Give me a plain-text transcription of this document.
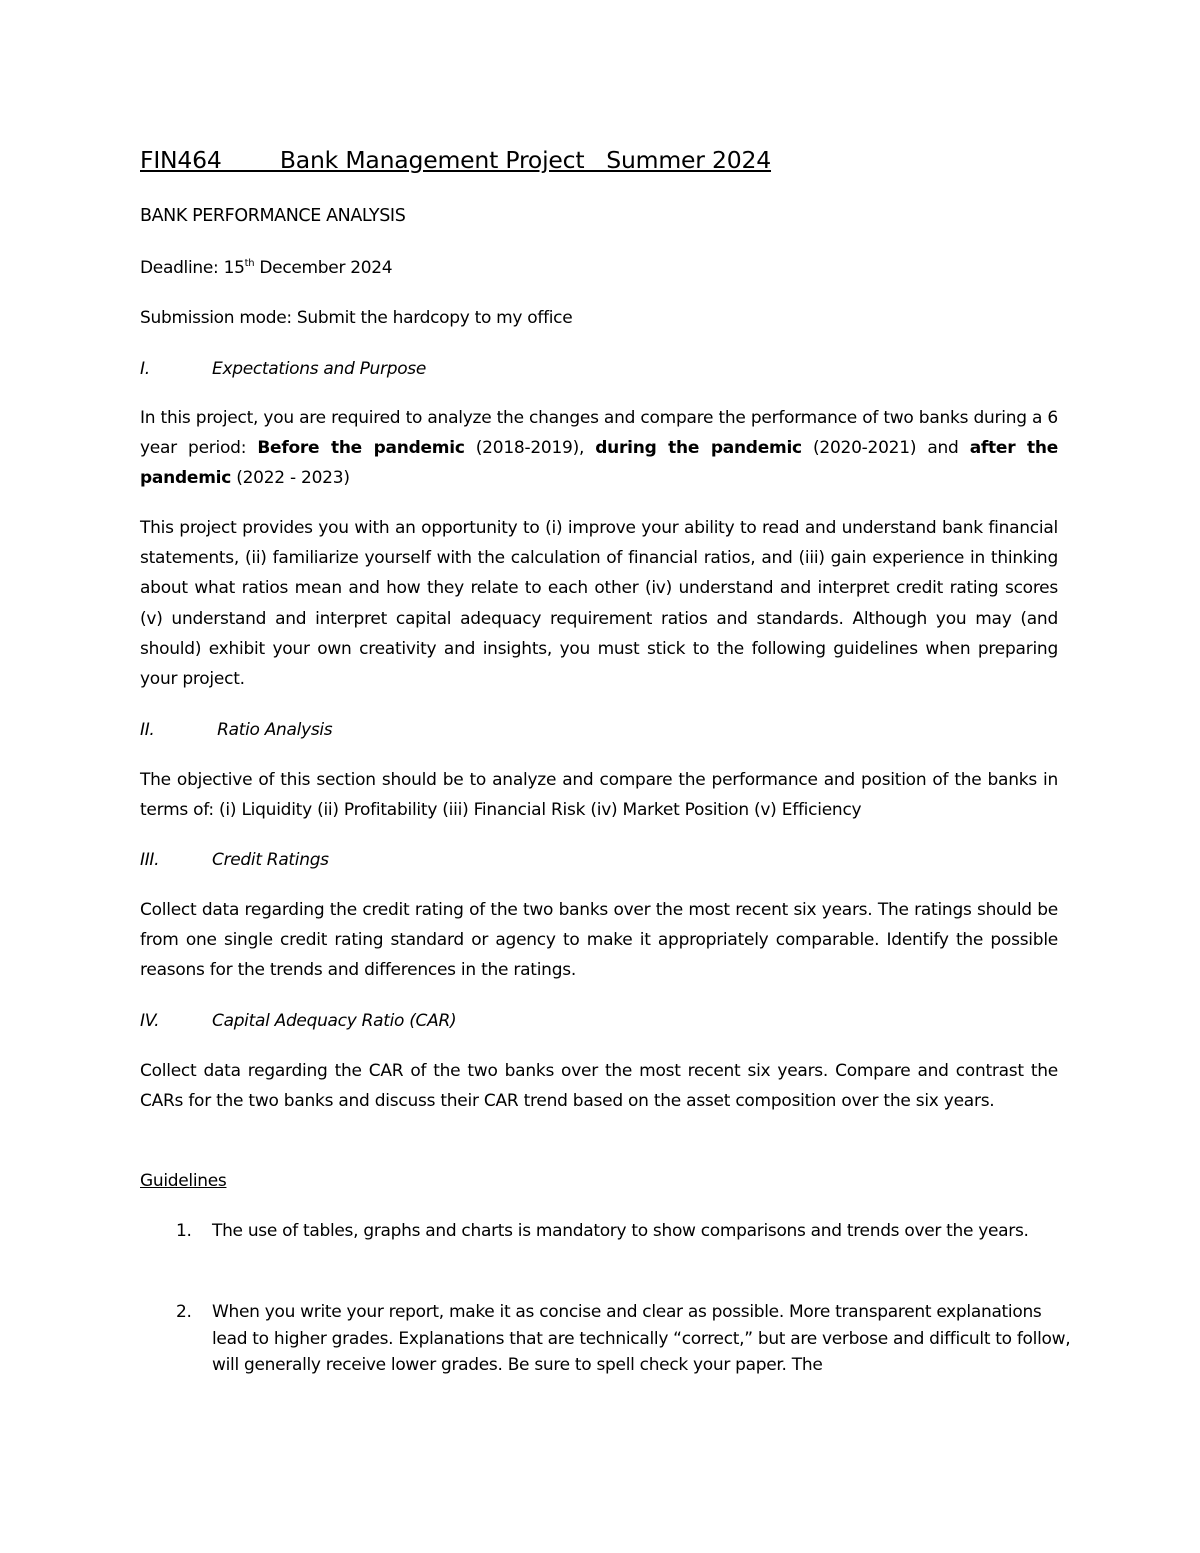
FIN464        Bank Management Project   Summer 2024

BANK PERFORMANCE ANALYSIS

Deadline: 15th December 2024

Submission mode: Submit the hardcopy to my office

I.	Expectations and Purpose

In this project, you are required to analyze the changes and compare the performance of two banks during a 6 year period: Before the pandemic (2018-2019), during the pandemic (2020-2021) and after the pandemic (2022 - 2023)

This project provides you with an opportunity to (i) improve your ability to read and understand bank financial statements, (ii) familiarize yourself with the calculation of financial ratios, and (iii) gain experience in thinking about what ratios mean and how they relate to each other (iv) understand and interpret credit rating scores (v) understand and interpret capital adequacy requirement ratios and standards. Although you may (and should) exhibit your own creativity and insights, you must stick to the following guidelines when preparing your project.

II.	Ratio Analysis

The objective of this section should be to analyze and compare the performance and position of the banks in terms of: (i) Liquidity (ii) Profitability (iii) Financial Risk (iv) Market Position (v) Efficiency

III.	Credit Ratings

Collect data regarding the credit rating of the two banks over the most recent six years. The ratings should be from one single credit rating standard or agency to make it appropriately comparable. Identify the possible reasons for the trends and differences in the ratings.

IV.	Capital Adequacy Ratio (CAR)

Collect data regarding the CAR of the two banks over the most recent six years. Compare and contrast the CARs for the two banks and discuss their CAR trend based on the asset composition over the six years.

Guidelines

1. The use of tables, graphs and charts is mandatory to show comparisons and trends over the years.
2. When you write your report, make it as concise and clear as possible. More transparent explanations lead to higher grades. Explanations that are technically “correct,” but are verbose and difficult to follow, will generally receive lower grades. Be sure to spell check your paper. The
